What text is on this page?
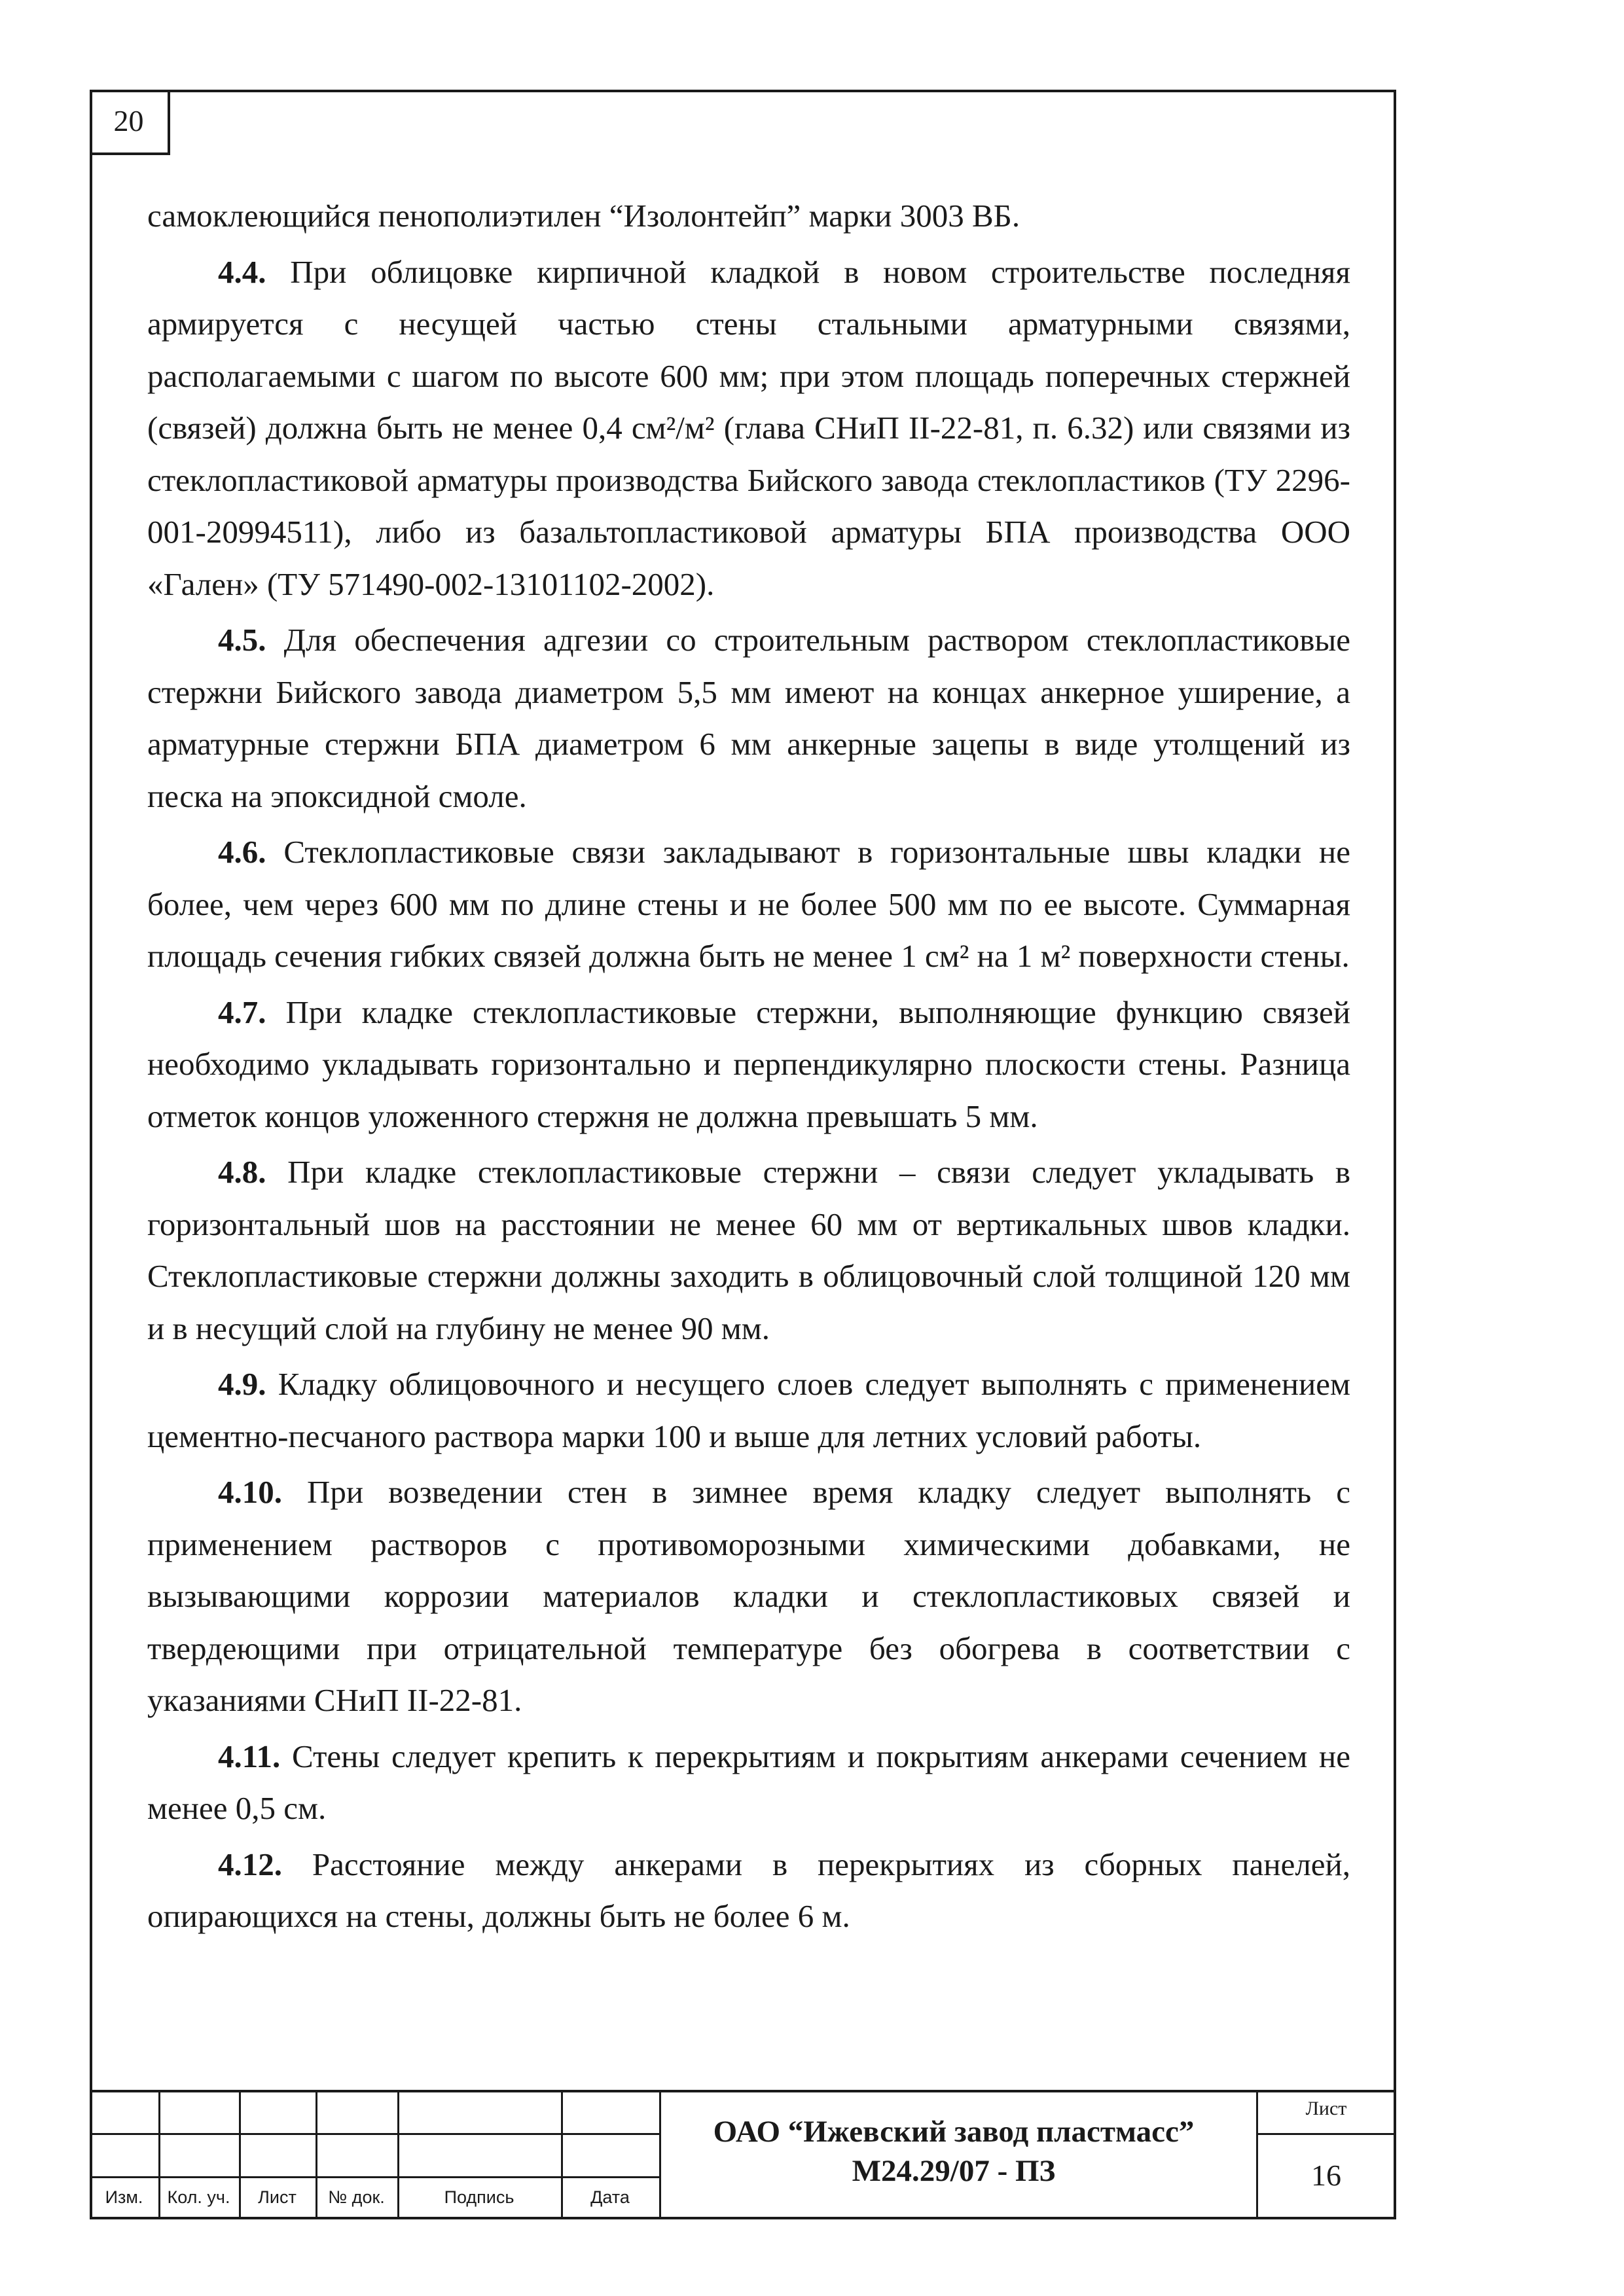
20

самоклеющийся пенополиэтилен “Изолонтейп” марки 3003 ВБ.

4.4. При облицовке кирпичной кладкой в новом строительстве последняя армируется с несущей частью стены стальными арматурными связями, располагаемыми с шагом по высоте 600 мм; при этом площадь поперечных стержней (связей) должна быть не менее 0,4 см²/м² (глава СНиП II-22-81, п. 6.32) или связями из стеклопластиковой арматуры производства Бийского завода стеклопластиков (ТУ 2296-001-20994511), либо из базальтопластиковой арматуры БПА производства ООО «Гален» (ТУ 571490-002-13101102-2002).

4.5. Для обеспечения адгезии со строительным раствором стеклопластиковые стержни Бийского завода диаметром 5,5 мм имеют на концах анкерное уширение, а арматурные стержни БПА диаметром 6 мм анкерные зацепы в виде утолщений из песка на эпоксидной смоле.

4.6. Стеклопластиковые связи закладывают в горизонтальные швы кладки не более, чем через 600 мм по длине стены и не более 500 мм по ее высоте. Суммарная площадь сечения гибких связей должна быть не менее 1 см² на 1 м² поверхности стены.

4.7. При кладке стеклопластиковые стержни, выполняющие функцию связей необходимо укладывать горизонтально и перпендикулярно плоскости стены. Разница отметок концов уложенного стержня не должна превышать 5 мм.

4.8. При кладке стеклопластиковые стержни – связи следует укладывать в горизонтальный шов на расстоянии не менее 60 мм от вертикальных швов кладки. Стеклопластиковые стержни должны заходить в облицовочный слой толщиной 120 мм и в несущий слой на глубину не менее 90 мм.

4.9. Кладку облицовочного и несущего слоев следует выполнять с применением цементно-песчаного раствора марки 100 и выше для летних условий работы.

4.10. При возведении стен в зимнее время кладку следует выполнять с применением растворов с противоморозными химическими добавками, не вызывающими коррозии материалов кладки и стеклопластиковых связей и твердеющими при отрицательной температуре без обогрева в соответствии с указаниями СНиП II-22-81.

4.11. Стены следует крепить к перекрытиям и покрытиям анкерами сечением не менее 0,5 см.

4.12. Расстояние между анкерами в перекрытиях из сборных панелей, опирающихся на стены, должны быть не более 6 м.

Изм.	Кол. уч.	Лист	№ док.	Подпись	Дата
ОАО “Ижевский завод пластмасс”
М24.29/07 - ПЗ
Лист
16
